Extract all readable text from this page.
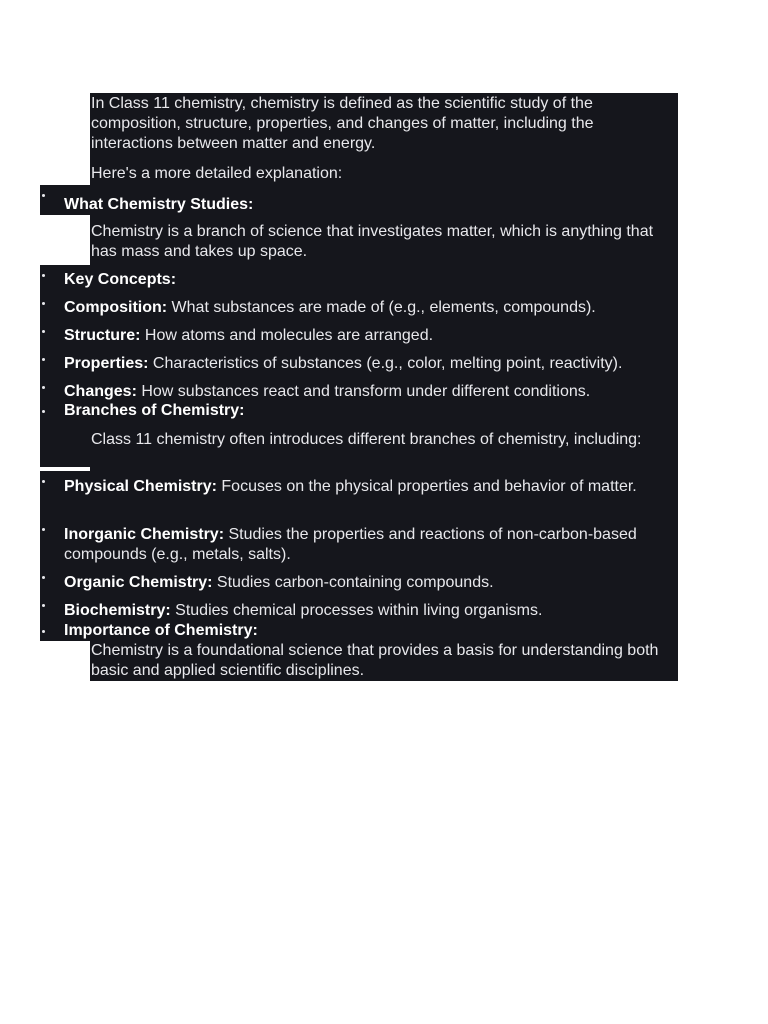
In Class 11 chemistry, chemistry is defined as the scientific study of the composition, structure, properties, and changes of matter, including the interactions between matter and energy.

Here's a more detailed explanation:

What Chemistry Studies:

Chemistry is a branch of science that investigates matter, which is anything that has mass and takes up space.

Key Concepts:
Composition: What substances are made of (e.g., elements, compounds).
Structure: How atoms and molecules are arranged.
Properties: Characteristics of substances (e.g., color, melting point, reactivity).
Changes: How substances react and transform under different conditions.
Branches of Chemistry:

Class 11 chemistry often introduces different branches of chemistry, including:

Physical Chemistry: Focuses on the physical properties and behavior of matter.
Inorganic Chemistry: Studies the properties and reactions of non-carbon-based compounds (e.g., metals, salts).
Organic Chemistry: Studies carbon-containing compounds.
Biochemistry: Studies chemical processes within living organisms.
Importance of Chemistry:

Chemistry is a foundational science that provides a basis for understanding both basic and applied scientific disciplines.
